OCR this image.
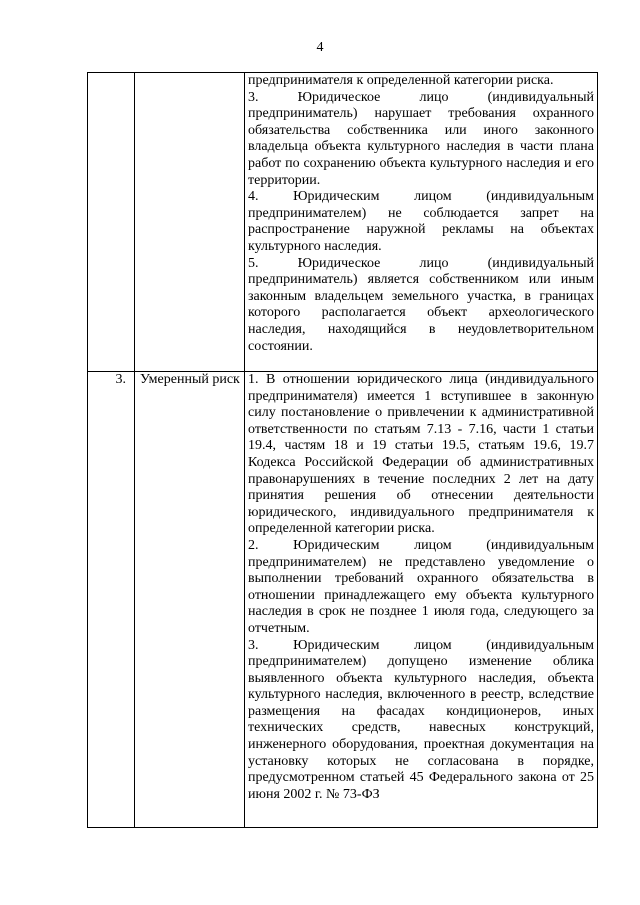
4

		предпринимателя к определенной категории риска.

3. Юридическое лицо (индивидуальный предприниматель) нарушает требования охранного обязательства собственника или иного законного владельца объекта культурного наследия в части плана работ по сохранению объекта культурного наследия и его территории.

4. Юридическим лицом (индивидуальным предпринимателем) не соблюдается запрет на распространение наружной рекламы на объектах культурного наследия.

5. Юридическое лицо (индивидуальный предприниматель) является собственником или иным законным владельцем земельного участка, в границах которого располагается объект археологического наследия, находящийся в неудовлетворительном состоянии.

3.	Умеренный риск	1. В отношении юридического лица (индивидуального предпринимателя) имеется 1 вступившее в законную силу постановление о привлечении к административной ответственности по статьям 7.13 - 7.16, части 1 статьи 19.4, частям 18 и 19 статьи 19.5, статьям 19.6, 19.7 Кодекса Российской Федерации об административных правонарушениях в течение последних 2 лет на дату принятия решения об отнесении деятельности юридического, индивидуального предпринимателя к определенной категории риска.

2. Юридическим лицом (индивидуальным предпринимателем) не представлено уведомление о выполнении требований охранного обязательства в отношении принадлежащего ему объекта культурного наследия в срок не позднее 1 июля года, следующего за отчетным.

3. Юридическим лицом (индивидуальным предпринимателем) допущено изменение облика выявленного объекта культурного наследия, объекта культурного наследия, включенного в реестр, вследствие размещения на фасадах кондиционеров, иных технических средств, навесных конструкций, инженерного оборудования, проектная документация на установку которых не согласована в порядке, предусмотренном статьей 45 Федерального закона от 25 июня 2002 г. № 73-ФЗ
